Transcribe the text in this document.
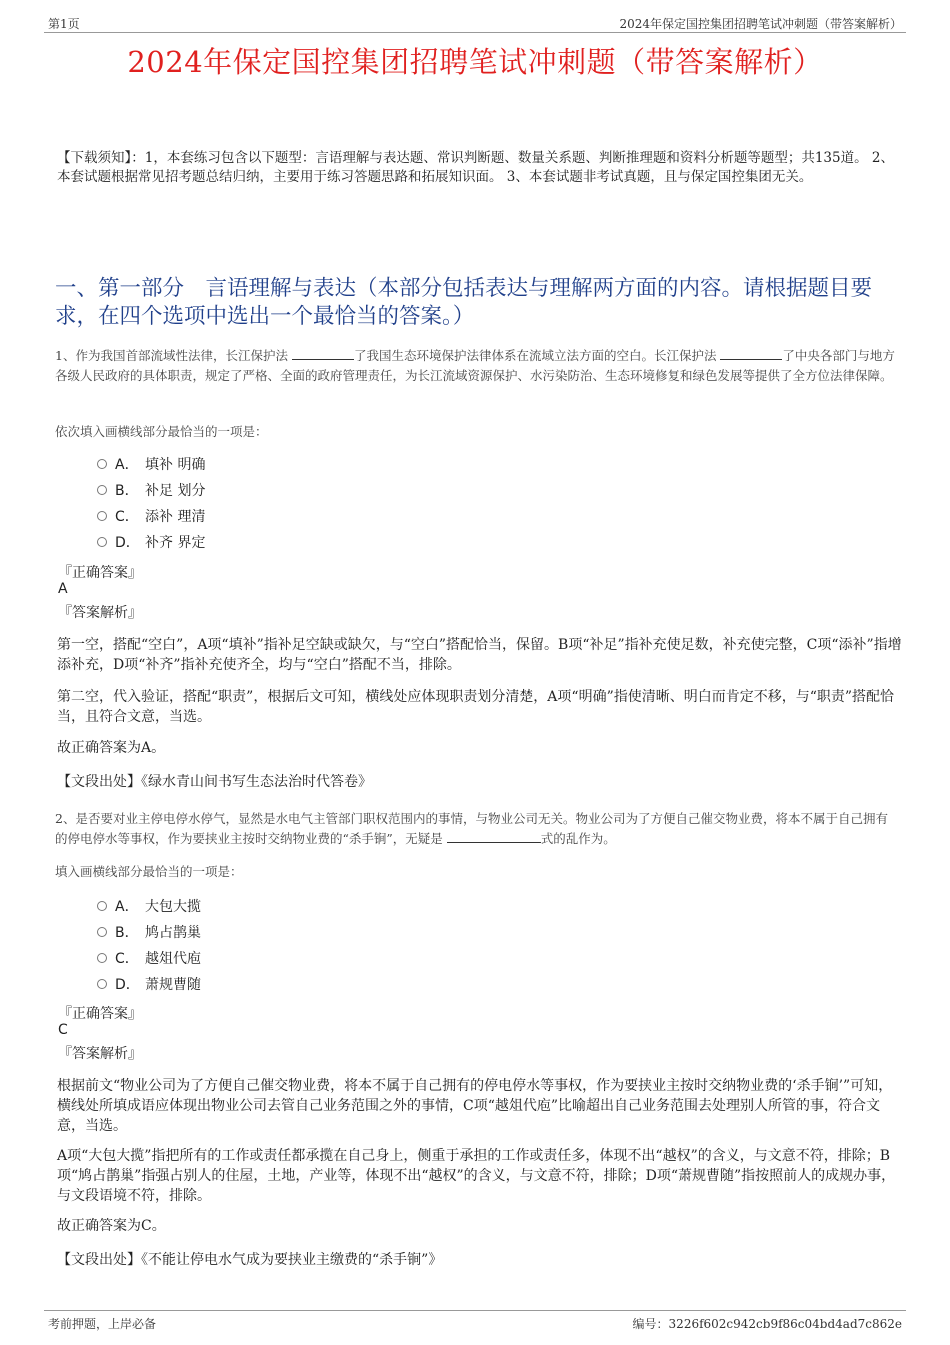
第1页	2024年保定国控集团招聘笔试冲刺题（带答案解析）
2024年保定国控集团招聘笔试冲刺题（带答案解析）
【下载须知】：1，本套练习包含以下题型：言语理解与表达题、常识判断题、数量关系题、判断推理题和资料分析题等题型；共135道。 2、本套试题根据常见招考题总结归纳，主要用于练习答题思路和拓展知识面。 3、本套试题非考试真题，且与保定国控集团无关。
一、第一部分　言语理解与表达（本部分包括表达与理解两方面的内容。请根据题目要求，在四个选项中选出一个最恰当的答案。）
1、作为我国首部流域性法律，长江保护法	了我国生态环境保护法律体系在流域立法方面的空白。长江保护法	了中央各部门与地方各级人民政府的具体职责，规定了严格、全面的政府管理责任，为长江流域资源保护、水污染防治、生态环境修复和绿色发展等提供了全方位法律保障。
依次填入画横线部分最恰当的一项是：
A． 填补 明确
B． 补足 划分
C． 添补 理清
D． 补齐 界定
『正确答案』
A
『答案解析』
第一空，搭配“空白”，A项“填补”指补足空缺或缺欠，与“空白”搭配恰当，保留。B项“补足”指补充使足数，补充使完整，C项“添补”指增添补充，D项“补齐”指补充使齐全，均与“空白”搭配不当，排除。
第二空，代入验证，搭配“职责”，根据后文可知，横线处应体现职责划分清楚，A项“明确”指使清晰、明白而肯定不移，与“职责”搭配恰当，且符合文意，当选。
故正确答案为A。
【文段出处】《绿水青山间书写生态法治时代答卷》
2、是否要对业主停电停水停气，显然是水电气主管部门职权范围内的事情，与物业公司无关。物业公司为了方便自己催交物业费，将本不属于自己拥有的停电停水等事权，作为要挟业主按时交纳物业费的“杀手锏”，无疑是	式的乱作为。
填入画横线部分最恰当的一项是：
A． 大包大揽
B． 鸠占鹊巢
C． 越俎代庖
D． 萧规曹随
『正确答案』
C
『答案解析』
根据前文“物业公司为了方便自己催交物业费，将本不属于自己拥有的停电停水等事权，作为要挟业主按时交纳物业费的‘杀手锏’”可知，横线处所填成语应体现出物业公司去管自己业务范围之外的事情，C项“越俎代庖”比喻超出自己业务范围去处理别人所管的事，符合文意，当选。
A项“大包大揽”指把所有的工作或责任都承揽在自己身上，侧重于承担的工作或责任多，体现不出“越权”的含义，与文意不符，排除；B项“鸠占鹊巢”指强占别人的住屋，土地，产业等，体现不出“越权”的含义，与文意不符，排除；D项“萧规曹随”指按照前人的成规办事，与文段语境不符，排除。
故正确答案为C。
【文段出处】《不能让停电水气成为要挟业主缴费的“杀手锏”》
考前押题，上岸必备	编号：3226f602c942cb9f86c04bd4ad7c862e
